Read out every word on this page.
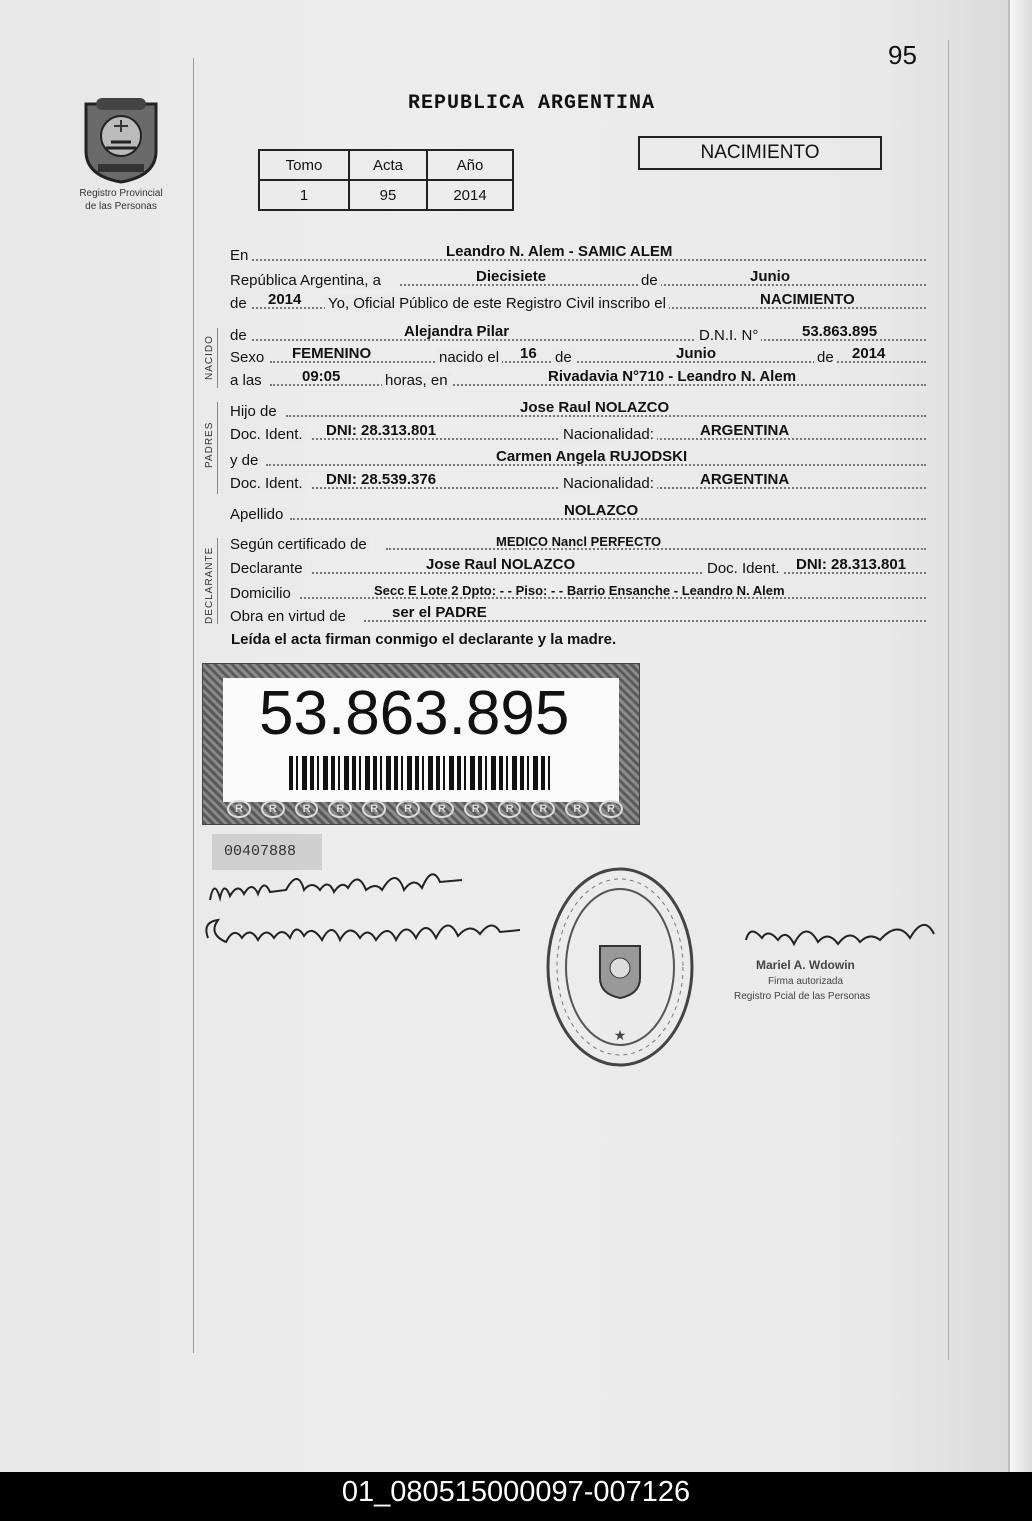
95
Registro Provincial
de las Personas
REPUBLICA ARGENTINA
Tomo	Acta	Año
1	95	2014
NACIMIENTO
En	Leandro N. Alem - SAMIC ALEM
República Argentina, a	Diecisiete	de	Junio
de 2014 Yo, Oficial Público de este Registro Civil inscribo el	NACIMIENTO
NACIDO de	Alejandra Pilar	D.N.I. N°	53.863.895
Sexo FEMENINO	nacido el 16 de	Junio	de 2014
a las	09:05	horas, en	Rivadavia N°710 - Leandro N. Alem
PADRES
Hijo de	Jose Raul NOLAZCO
Doc. Ident. DNI: 28.313.801	Nacionalidad:	ARGENTINA
y de	Carmen Angela RUJODSKI
Doc. Ident. DNI: 28.539.376	Nacionalidad:	ARGENTINA
Apellido	NOLAZCO
DECLARANTE
Según certificado de	MEDICO Nancl PERFECTO
Declarante	Jose Raul NOLAZCO	Doc. Ident. DNI: 28.313.801
Domicilio	Secc E Lote 2 Dpto: - - Piso: - - Barrio Ensanche - Leandro N. Alem
Obra en virtud de	ser el PADRE
Leída el acta firman conmigo el declarante y la madre.
53.863.895
R	R	R	R	R	R	R	R	R	R	R	R
00407888
★
Mariel A. Wdowin
Firma autorizada
Registro Pcial de las Personas
01_080515000097-007126
